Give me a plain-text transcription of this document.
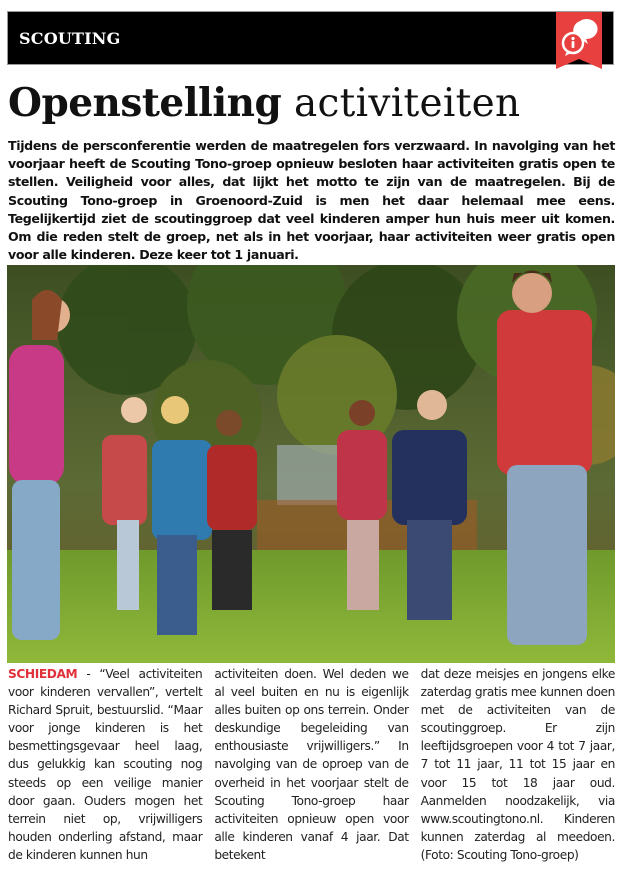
SCOUTING
Openstelling activiteiten

Tijdens de persconferentie werden de maatregelen fors verzwaard. In navolging van het voorjaar heeft de Scouting Tono-groep opnieuw besloten haar activiteiten gratis open te stellen. Veiligheid voor alles, dat lijkt het motto te zijn van de maatregelen. Bij de Scouting Tono-groep in Groenoord-Zuid is men het daar helemaal mee eens. Tegelijkertijd ziet de scoutinggroep dat veel kinderen amper hun huis meer uit komen. Om die reden stelt de groep, net als in het voorjaar, haar activiteiten weer gratis open voor alle kinderen. Deze keer tot 1 januari.

SCHIEDAM - “Veel activiteiten voor kinderen vervallen”, vertelt Richard Spruit, bestuurslid. “Maar voor jonge kinderen is het besmettingsgevaar heel laag, dus gelukkig kan scouting nog steeds op een veilige manier door gaan. Ouders mogen het terrein niet op, vrijwilligers houden onderling afstand, maar de kinderen kunnen hun

activiteiten doen. Wel deden we al veel buiten en nu is eigenlijk alles buiten op ons terrein. Onder deskundige begeleiding van enthousiaste vrijwilligers.” In navolging van de oproep van de overheid in het voorjaar stelt de Scouting Tono-groep haar activiteiten opnieuw open voor alle kinderen vanaf 4 jaar. Dat betekent

dat deze meisjes en jongens elke zaterdag gratis mee kunnen doen met de activiteiten van de scoutinggroep. Er zijn leeftijdsgroepen voor 4 tot 7 jaar, 7 tot 11 jaar, 11 tot 15 jaar en voor 15 tot 18 jaar oud. Aanmelden noodzakelijk, via www.scoutingtono.nl. Kinderen kunnen zaterdag al meedoen. (Foto: Scouting Tono-groep)
